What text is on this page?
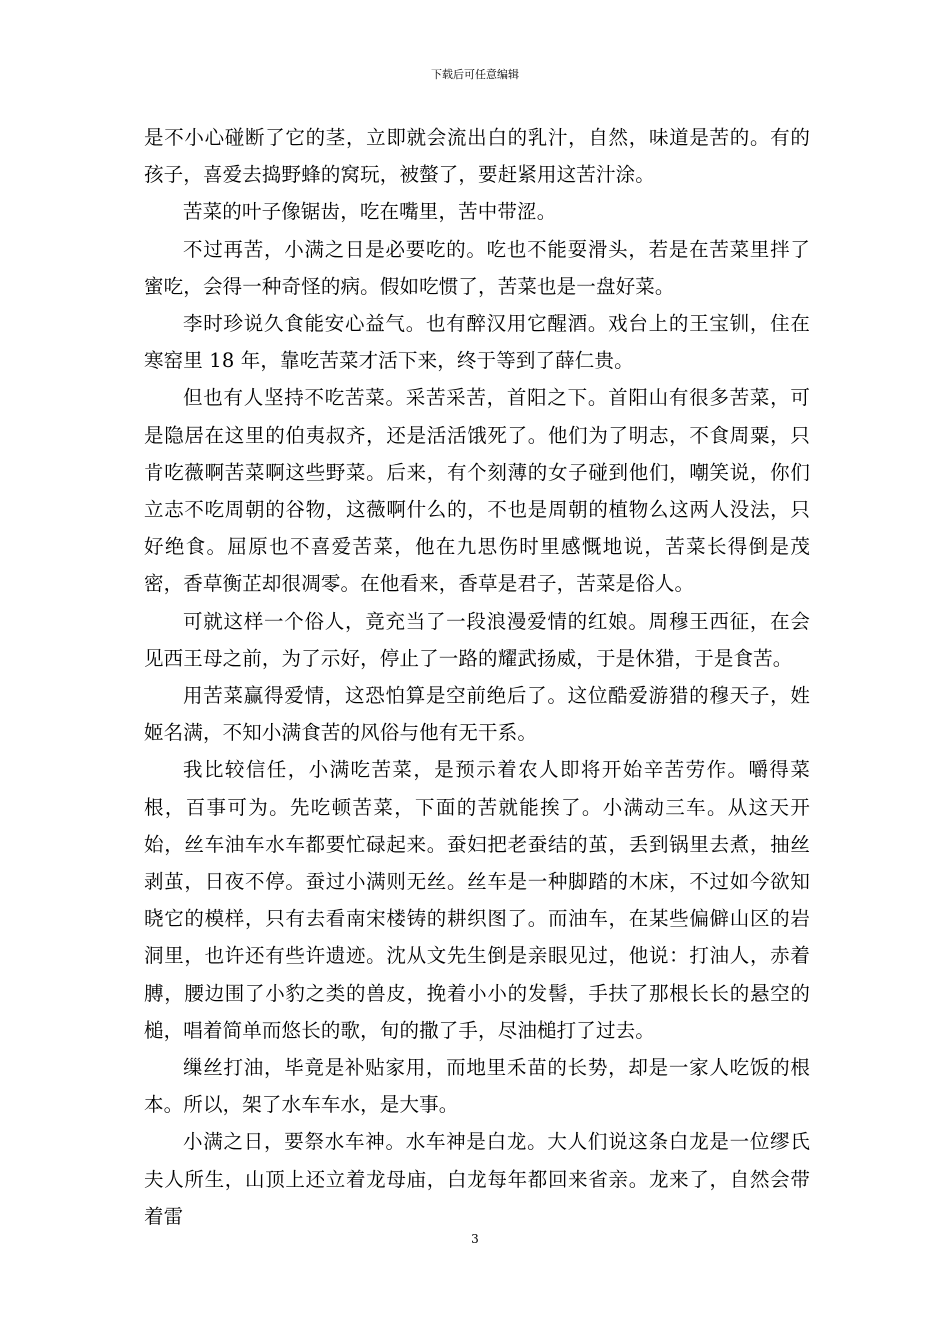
下载后可任意编辑

是不小心碰断了它的茎，立即就会流出白的乳汁，自然，味道是苦的。有的孩子，喜爱去捣野蜂的窝玩，被螫了，要赶紧用这苦汁涂。

苦菜的叶子像锯齿，吃在嘴里，苦中带涩。

不过再苦，小满之日是必要吃的。吃也不能耍滑头，若是在苦菜里拌了蜜吃，会得一种奇怪的病。假如吃惯了，苦菜也是一盘好菜。

李时珍说久食能安心益气。也有醉汉用它醒酒。戏台上的王宝钏，住在寒窑里 18 年，靠吃苦菜才活下来，终于等到了薛仁贵。

但也有人坚持不吃苦菜。采苦采苦，首阳之下。首阳山有很多苦菜，可是隐居在这里的伯夷叔齐，还是活活饿死了。他们为了明志，不食周粟，只肯吃薇啊苦菜啊这些野菜。后来，有个刻薄的女子碰到他们，嘲笑说，你们立志不吃周朝的谷物，这薇啊什么的，不也是周朝的植物么这两人没法，只好绝食。屈原也不喜爱苦菜，他在九思伤时里感慨地说，苦菜长得倒是茂密，香草衡芷却很凋零。在他看来，香草是君子，苦菜是俗人。

可就这样一个俗人，竟充当了一段浪漫爱情的红娘。周穆王西征，在会见西王母之前，为了示好，停止了一路的耀武扬威，于是休猎，于是食苦。

用苦菜赢得爱情，这恐怕算是空前绝后了。这位酷爱游猎的穆天子，姓姬名满，不知小满食苦的风俗与他有无干系。

我比较信任，小满吃苦菜，是预示着农人即将开始辛苦劳作。嚼得菜根，百事可为。先吃顿苦菜，下面的苦就能挨了。小满动三车。从这天开始，丝车油车水车都要忙碌起来。蚕妇把老蚕结的茧，丢到锅里去煮，抽丝剥茧，日夜不停。蚕过小满则无丝。丝车是一种脚踏的木床，不过如今欲知晓它的模样，只有去看南宋楼铸的耕织图了。而油车，在某些偏僻山区的岩洞里，也许还有些许遗迹。沈从文先生倒是亲眼见过，他说：打油人，赤着膊，腰边围了小豹之类的兽皮，挽着小小的发髻，手扶了那根长长的悬空的槌，唱着简单而悠长的歌，旬的撒了手，尽油槌打了过去。

缫丝打油，毕竟是补贴家用，而地里禾苗的长势，却是一家人吃饭的根本。所以，架了水车车水，是大事。

小满之日，要祭水车神。水车神是白龙。大人们说这条白龙是一位缪氏夫人所生，山顶上还立着龙母庙，白龙每年都回来省亲。龙来了，自然会带着雷

3
